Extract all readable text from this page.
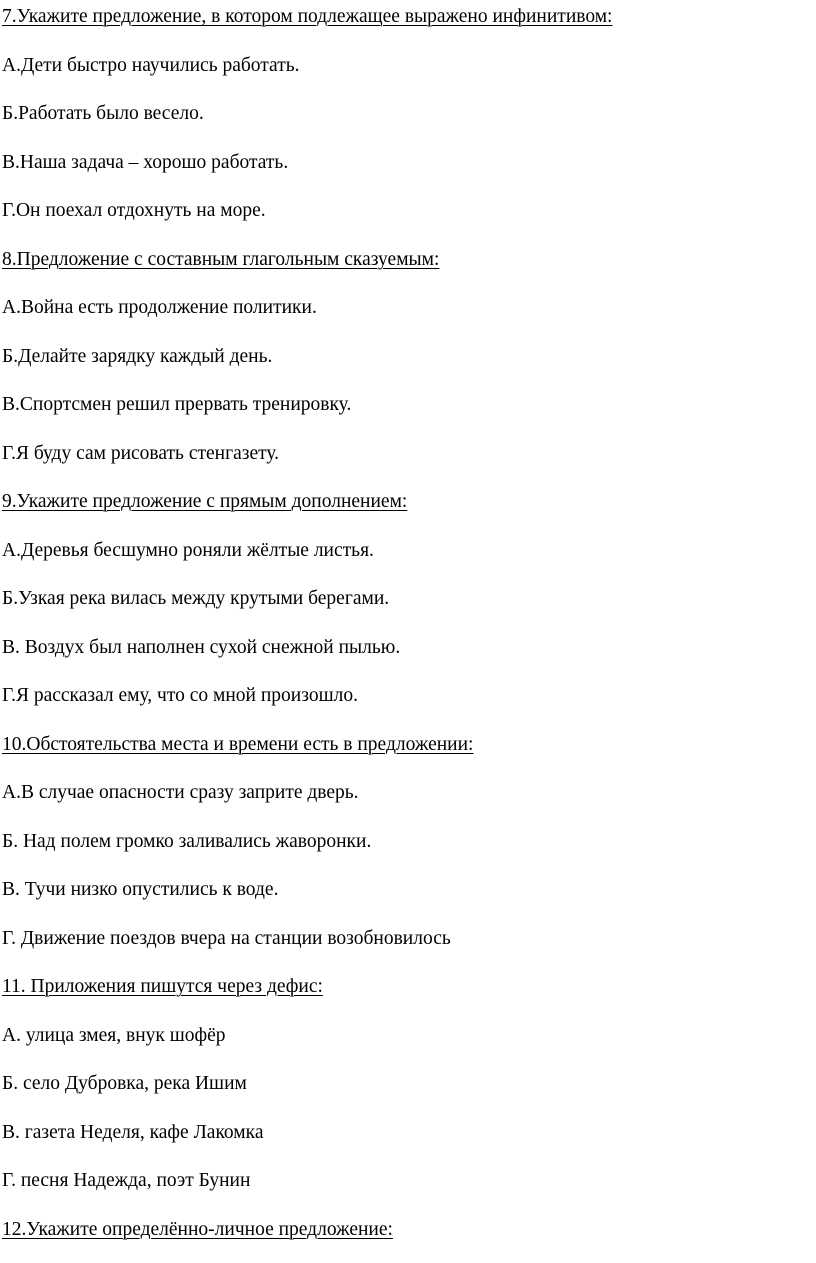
7.Укажите предложение, в котором подлежащее выражено инфинитивом:

А.Дети быстро научились работать.
Б.Работать было весело.
В.Наша задача – хорошо работать.
Г.Он поехал отдохнуть на море.

8.Предложение с составным глагольным сказуемым:

А.Война есть продолжение политики.
Б.Делайте зарядку каждый день.
В.Спортсмен решил прервать тренировку.
Г.Я буду сам рисовать стенгазету.

9.Укажите предложение с прямым дополнением:

А.Деревья бесшумно роняли жёлтые листья.
Б.Узкая река вилась между крутыми берегами.
В. Воздух был наполнен сухой снежной пылью.
Г.Я рассказал ему, что со мной произошло.

10.Обстоятельства места и времени есть в предложении:

А.В случае опасности сразу заприте дверь.
Б. Над полем громко заливались жаворонки.
В. Тучи низко опустились к воде.
Г. Движение поездов вчера на станции возобновилось

11. Приложения пишутся через дефис:

А. улица змея, внук шофёр
Б. село Дубровка, река Ишим
В. газета Неделя, кафе Лакомка
Г. песня Надежда, поэт Бунин

12.Укажите определённо-личное предложение:
